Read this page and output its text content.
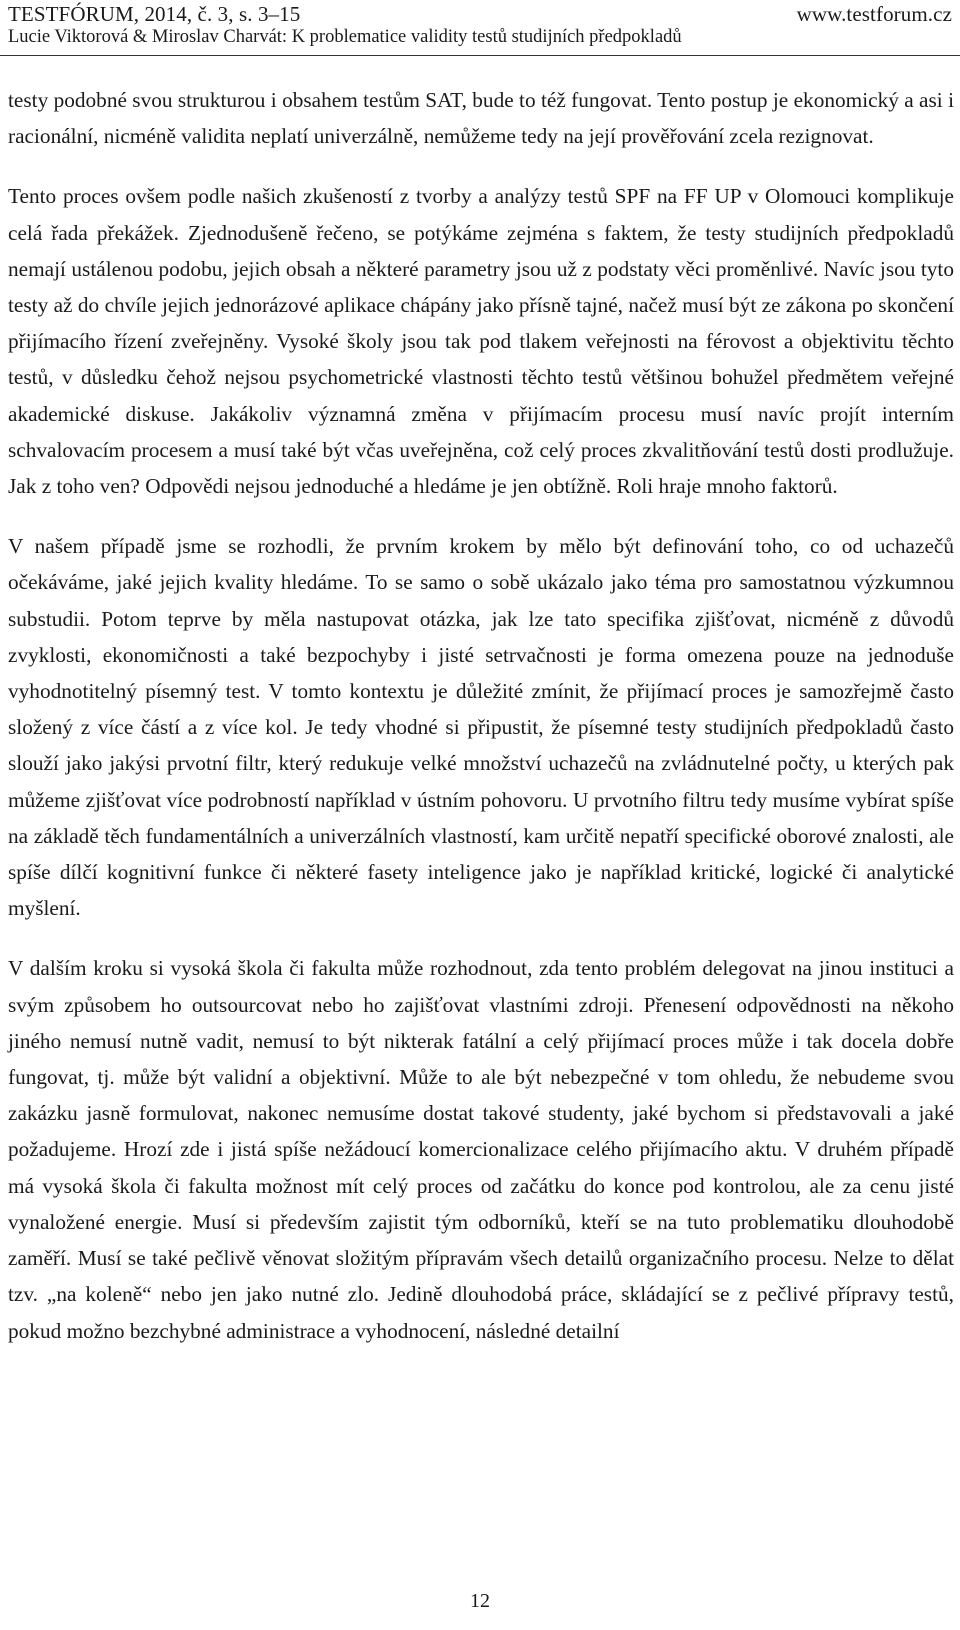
TESTFÓRUM, 2014, č. 3, s. 3–15	www.testforum.cz
Lucie Viktorová & Miroslav Charvát: K problematice validity testů studijních předpokladů

testy podobné svou strukturou i obsahem testům SAT, bude to též fungovat. Tento postup je ekonomický a asi i racionální, nicméně validita neplatí univerzálně, nemůžeme tedy na její prověřování zcela rezignovat.

Tento proces ovšem podle našich zkušeností z tvorby a analýzy testů SPF na FF UP v Olomouci komplikuje celá řada překážek. Zjednodušeně řečeno, se potýkáme zejména s faktem, že testy studijních předpokladů nemají ustálenou podobu, jejich obsah a některé parametry jsou už z podstaty věci proměnlivé. Navíc jsou tyto testy až do chvíle jejich jednorázové aplikace chápány jako přísně tajné, načež musí být ze zákona po skončení přijímacího řízení zveřejněny. Vysoké školy jsou tak pod tlakem veřejnosti na férovost a objektivitu těchto testů, v důsledku čehož nejsou psychometrické vlastnosti těchto testů většinou bohužel předmětem veřejné akademické diskuse. Jakákoliv významná změna v přijímacím procesu musí navíc projít interním schvalovacím procesem a musí také být včas uveřejněna, což celý proces zkvalitňování testů dosti prodlužuje. Jak z toho ven? Odpovědi nejsou jednoduché a hledáme je jen obtížně. Roli hraje mnoho faktorů.

V našem případě jsme se rozhodli, že prvním krokem by mělo být definování toho, co od uchazečů očekáváme, jaké jejich kvality hledáme. To se samo o sobě ukázalo jako téma pro samostatnou výzkumnou substudii. Potom teprve by měla nastupovat otázka, jak lze tato specifika zjišťovat, nicméně z důvodů zvyklosti, ekonomičnosti a také bezpochyby i jisté setrvačnosti je forma omezena pouze na jednoduše vyhodnotitelný písemný test. V tomto kontextu je důležité zmínit, že přijímací proces je samozřejmě často složený z více částí a z více kol. Je tedy vhodné si připustit, že písemné testy studijních předpokladů často slouží jako jakýsi prvotní filtr, který redukuje velké množství uchazečů na zvládnutelné počty, u kterých pak můžeme zjišťovat více podrobností například v ústním pohovoru. U prvotního filtru tedy musíme vybírat spíše na základě těch fundamentálních a univerzálních vlastností, kam určitě nepatří specifické oborové znalosti, ale spíše dílčí kognitivní funkce či některé fasety inteligence jako je například kritické, logické či analytické myšlení.

V dalším kroku si vysoká škola či fakulta může rozhodnout, zda tento problém delegovat na jinou instituci a svým způsobem ho outsourcovat nebo ho zajišťovat vlastními zdroji. Přenesení odpovědnosti na někoho jiného nemusí nutně vadit, nemusí to být nikterak fatální a celý přijímací proces může i tak docela dobře fungovat, tj. může být validní a objektivní. Může to ale být nebezpečné v tom ohledu, že nebudeme svou zakázku jasně formulovat, nakonec nemusíme dostat takové studenty, jaké bychom si představovali a jaké požadujeme. Hrozí zde i jistá spíše nežádoucí komercionalizace celého přijímacího aktu. V druhém případě má vysoká škola či fakulta možnost mít celý proces od začátku do konce pod kontrolou, ale za cenu jisté vynaložené energie. Musí si především zajistit tým odborníků, kteří se na tuto problematiku dlouhodobě zaměří. Musí se také pečlivě věnovat složitým přípravám všech detailů organizačního procesu. Nelze to dělat tzv. „na koleně“ nebo jen jako nutné zlo. Jedině dlouhodobá práce, skládající se z pečlivé přípravy testů, pokud možno bezchybné administrace a vyhodnocení, následné detailní

12
